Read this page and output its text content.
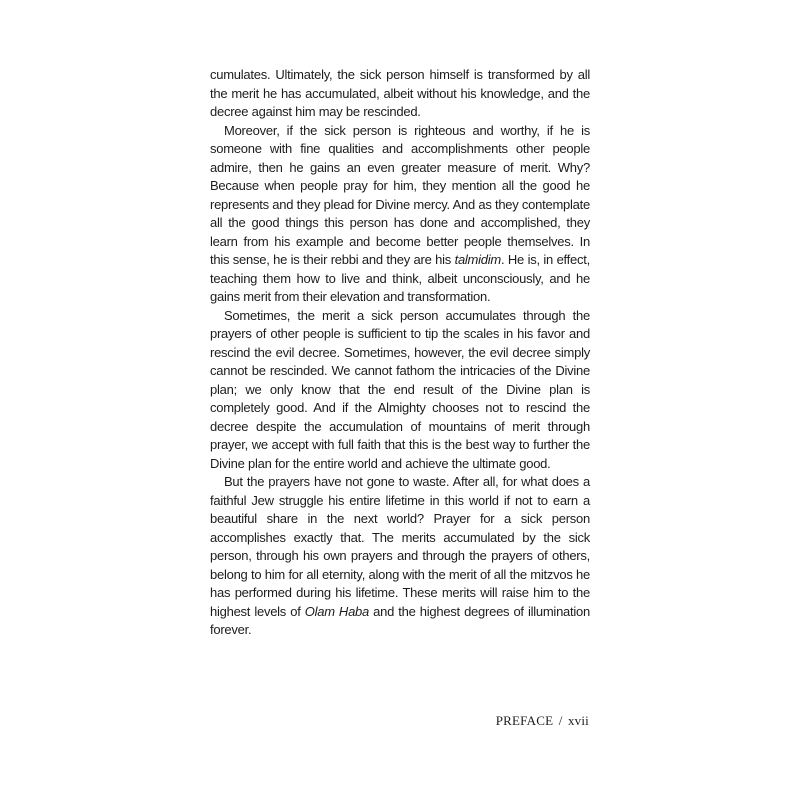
cumulates. Ultimately, the sick person himself is transformed by all the merit he has accumulated, albeit without his knowledge, and the decree against him may be rescinded.

Moreover, if the sick person is righteous and worthy, if he is someone with fine qualities and accomplishments other people admire, then he gains an even greater measure of merit. Why? Because when people pray for him, they mention all the good he represents and they plead for Divine mercy. And as they contemplate all the good things this person has done and accomplished, they learn from his example and become better people themselves. In this sense, he is their rebbi and they are his talmidim. He is, in effect, teaching them how to live and think, albeit unconsciously, and he gains merit from their elevation and transformation.

Sometimes, the merit a sick person accumulates through the prayers of other people is sufficient to tip the scales in his favor and rescind the evil decree. Sometimes, however, the evil decree simply cannot be rescinded. We cannot fathom the intricacies of the Divine plan; we only know that the end result of the Divine plan is completely good. And if the Almighty chooses not to rescind the decree despite the accumulation of mountains of merit through prayer, we accept with full faith that this is the best way to further the Divine plan for the entire world and achieve the ultimate good.

But the prayers have not gone to waste. After all, for what does a faithful Jew struggle his entire lifetime in this world if not to earn a beautiful share in the next world? Prayer for a sick person accomplishes exactly that. The merits accumulated by the sick person, through his own prayers and through the prayers of others, belong to him for all eternity, along with the merit of all the mitzvos he has performed during his lifetime. These merits will raise him to the highest levels of Olam Haba and the highest degrees of illumination forever.

PREFACE / xvii
